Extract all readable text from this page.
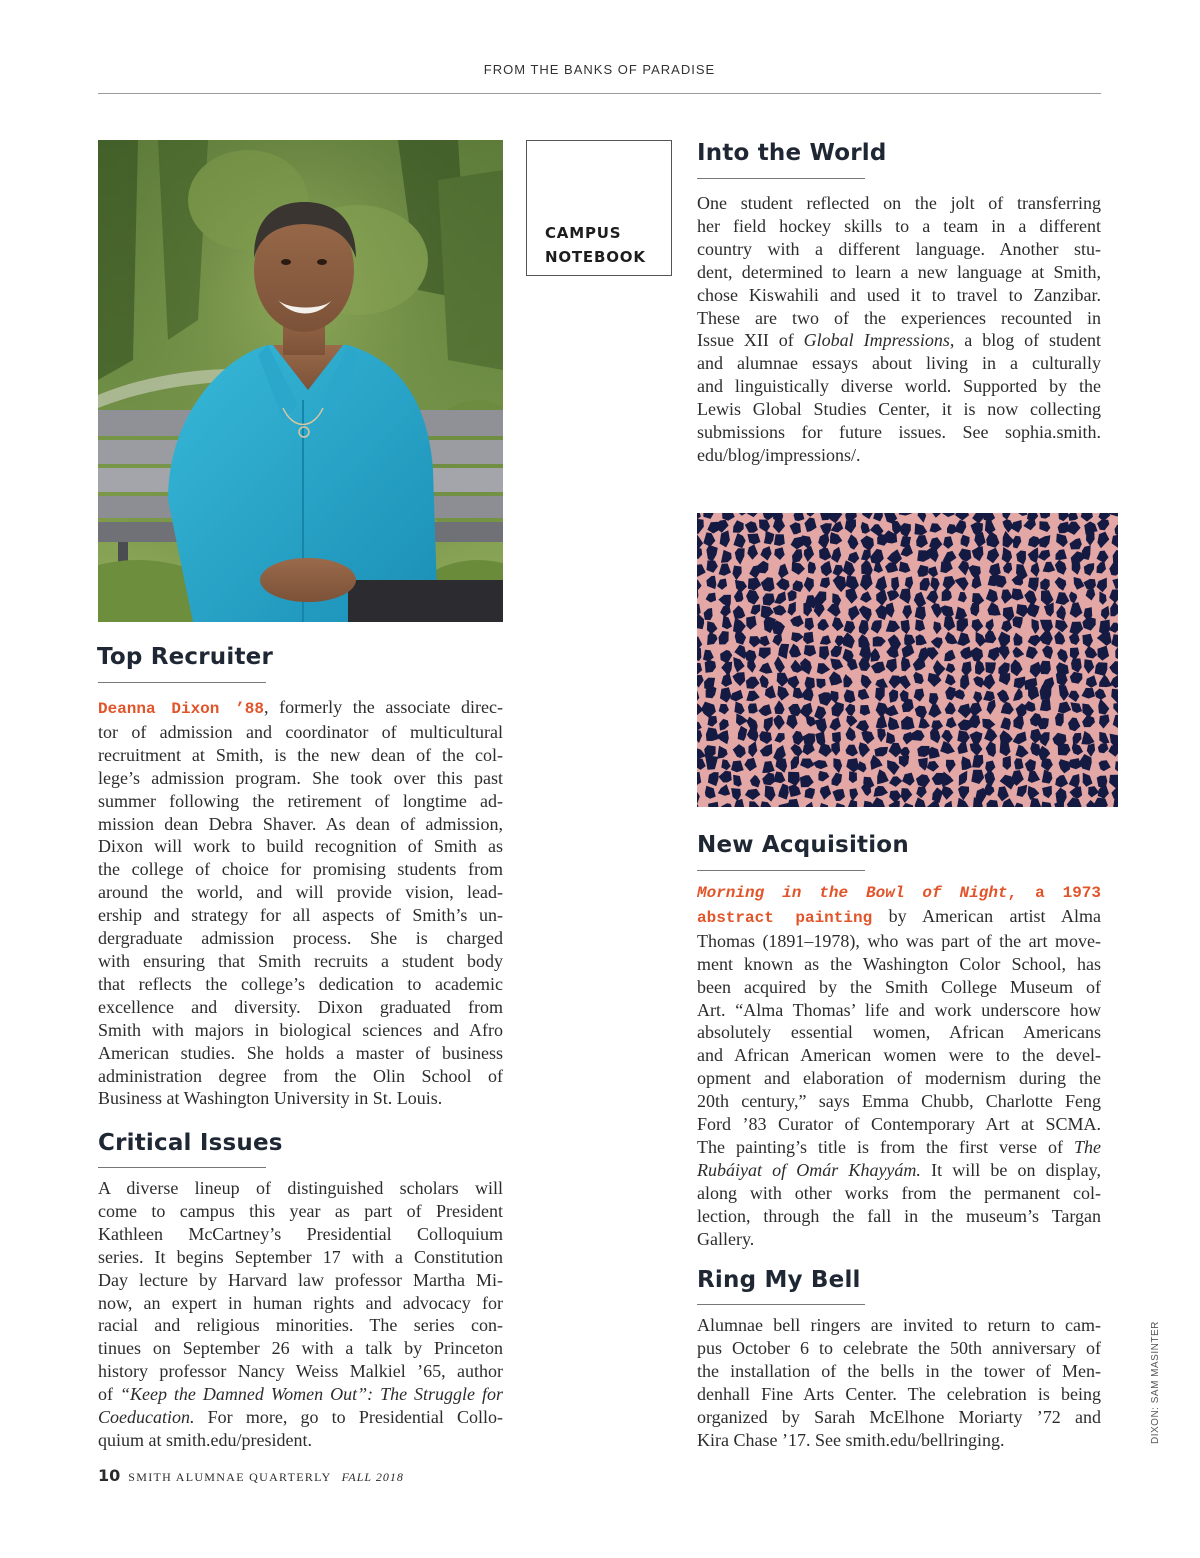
FROM THE BANKS OF PARADISE
CAMPUS
NOTEBOOK
Into the World
One student reflected on the jolt of transferring
her field hockey skills to a team in a different
country with a different language. Another stu-
dent, determined to learn a new language at Smith,
chose Kiswahili and used it to travel to Zanzibar.
These are two of the experiences recounted in
Issue XII of Global Impressions, a blog of student
and alumnae essays about living in a culturally
and linguistically diverse world. Supported by the
Lewis Global Studies Center, it is now collecting
submissions for future issues. See sophia.smith.
edu/blog/impressions/.
Top Recruiter
Deanna Dixon ’88, formerly the associate direc-
tor of admission and coordinator of multicultural
recruitment at Smith, is the new dean of the col-
lege’s admission program. She took over this past
summer following the retirement of longtime ad-
mission dean Debra Shaver. As dean of admission,
Dixon will work to build recognition of Smith as
the college of choice for promising students from
around the world, and will provide vision, lead-
ership and strategy for all aspects of Smith’s un-
dergraduate admission process. She is charged
with ensuring that Smith recruits a student body
that reflects the college’s dedication to academic
excellence and diversity. Dixon graduated from
Smith with majors in biological sciences and Afro
American studies. She holds a master of business
administration degree from the Olin School of
Business at Washington University in St. Louis.
Critical Issues
A diverse lineup of distinguished scholars will
come to campus this year as part of President
Kathleen McCartney’s Presidential Colloquium
series. It begins September 17 with a Constitution
Day lecture by Harvard law professor Martha Mi-
now, an expert in human rights and advocacy for
racial and religious minorities. The series con-
tinues on September 26 with a talk by Princeton
history professor Nancy Weiss Malkiel ’65, author
of “Keep the Damned Women Out”: The Struggle for
Coeducation. For more, go to Presidential Collo-
quium at smith.edu/president.
New Acquisition
Morning in the Bowl of Night, a 1973
abstract painting by American artist Alma
Thomas (1891–1978), who was part of the art move-
ment known as the Washington Color School, has
been acquired by the Smith College Museum of
Art. “Alma Thomas’ life and work underscore how
absolutely essential women, African Americans
and African American women were to the devel-
opment and elaboration of modernism during the
20th century,” says Emma Chubb, Charlotte Feng
Ford ’83 Curator of Contemporary Art at SCMA.
The painting’s title is from the first verse of The
Rubáiyat of Omár Khayyám. It will be on display,
along with other works from the permanent col-
lection, through the fall in the museum’s Targan
Gallery.
Ring My Bell
Alumnae bell ringers are invited to return to cam-
pus October 6 to celebrate the 50th anniversary of
the installation of the bells in the tower of Men-
denhall Fine Arts Center. The celebration is being
organized by Sarah McElhone Moriarty ’72 and
Kira Chase ’17. See smith.edu/bellringing.
10 SMITH ALUMNAE QUARTERLY FALL 2018
DIXON: SAM MASINTER
